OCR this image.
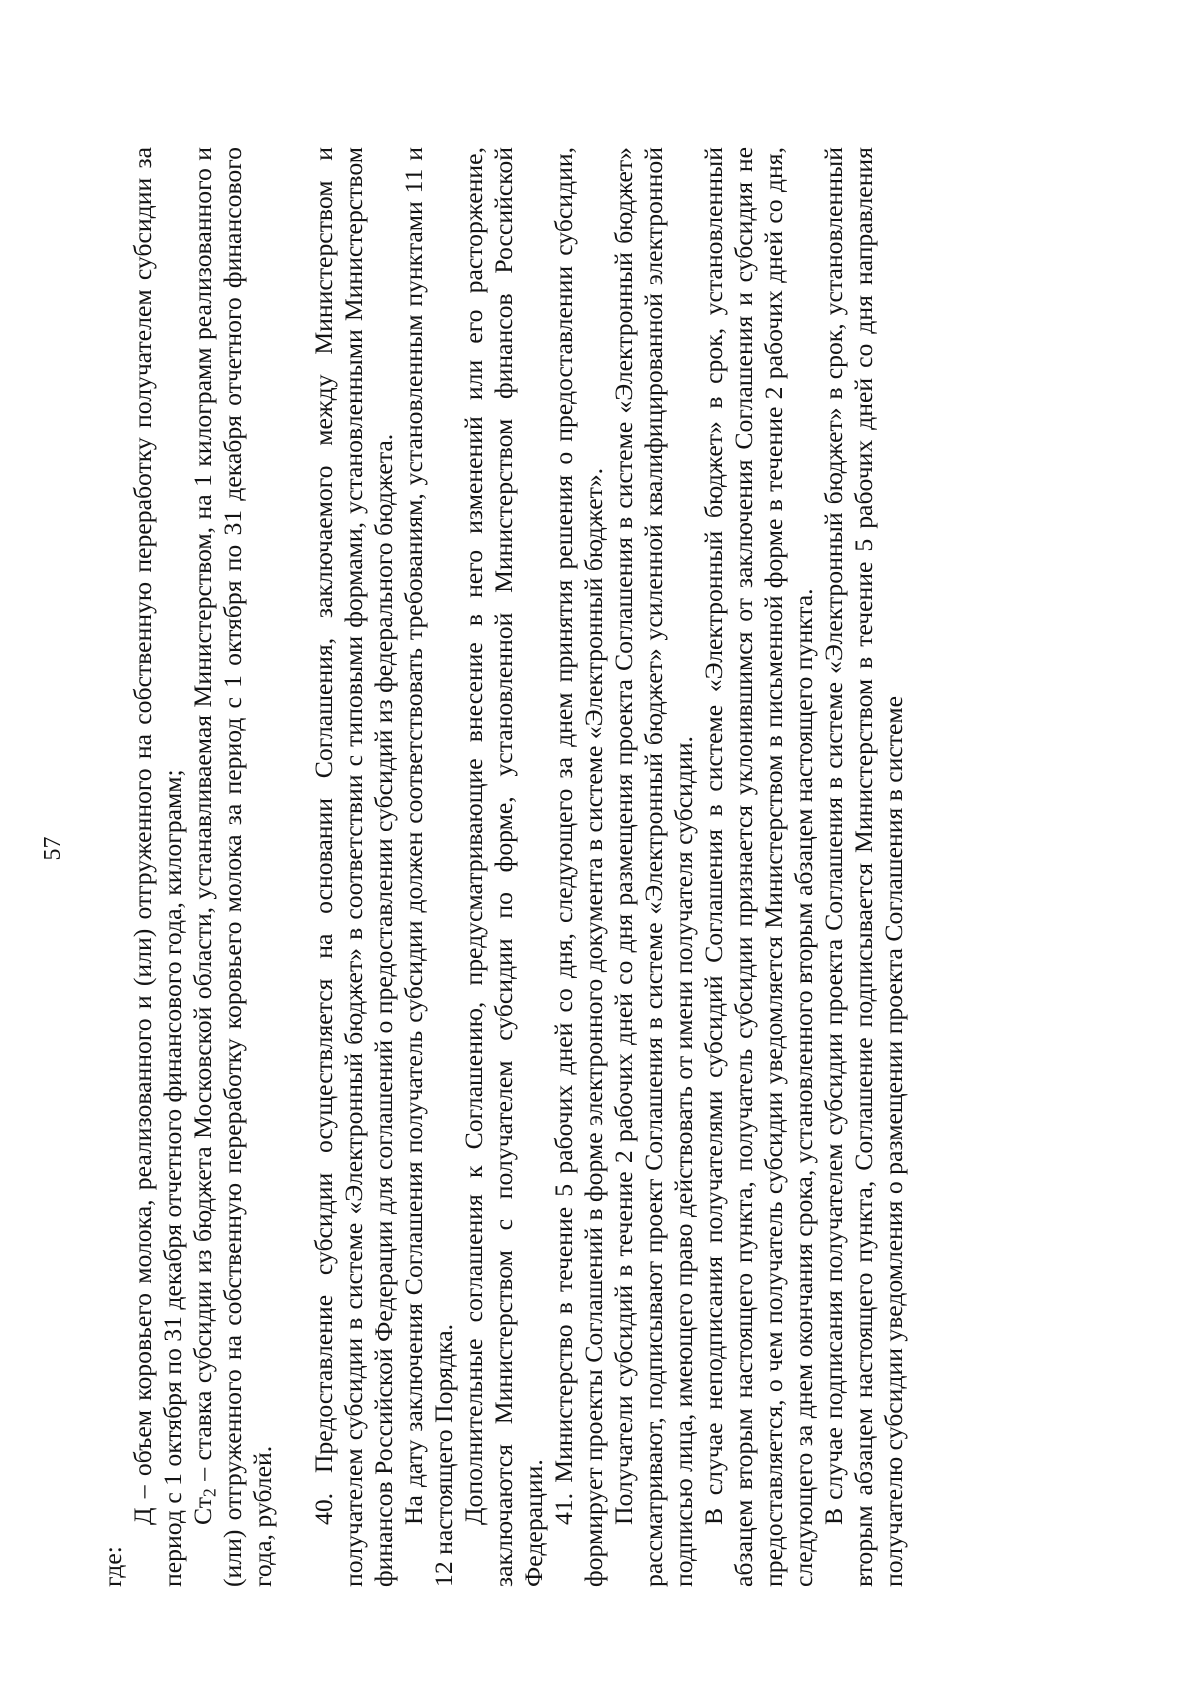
57

где:

Д – объем коровьего молока, реализованного и (или) отгруженного на собственную переработку получателем субсидии за период с 1 октября по 31 декабря отчетного финансового года, килограмм; $Ст_2$ – ставка субсидии из бюджета Московской области, устанавливаемая Министерством, на 1 килограмм реализованного и (или) отгруженного на собственную переработку коровьего молока за период с 1 октября по 31 декабря отчетного финансового года, рублей. 40. Предоставление субсидии осуществляется на основании Соглашения, заключаемого между Министерством и получателем субсидии в системе «Электронный бюджет» в соответствии с типовыми формами, установленными Министерством финансов Российской Федерации для соглашений о предоставлении субсидий из федерального бюджета. На дату заключения Соглашения получатель субсидии должен соответствовать требованиям, установленным пунктами 11 и 12 настоящего Порядка. Дополнительные соглашения к Соглашению, предусматривающие внесение в него изменений или его расторжение, заключаются Министерством с получателем субсидии по форме, установленной Министерством финансов Российской Федерации. 41. Министерство в течение 5 рабочих дней со дня, следующего за днем принятия решения о предоставлении субсидии, формирует проекты Соглашений в форме электронного документа в системе «Электронный бюджет». Получатели субсидий в течение 2 рабочих дней со дня размещения проекта Соглашения в системе «Электронный бюджет» рассматривают, подписывают проект Соглашения в системе «Электронный бюджет» усиленной квалифицированной электронной подписью лица, имеющего право действовать от имени получателя субсидии. В случае неподписания получателями субсидий Соглашения в системе «Электронный бюджет» в срок, установленный абзацем вторым настоящего пункта, получатель субсидии признается уклонившимся от заключения Соглашения и субсидия не предоставляется, о чем получатель субсидии уведомляется Министерством в письменной форме в течение 2 рабочих дней со дня, следующего за днем окончания срока, установленного вторым абзацем настоящего пункта. В случае подписания получателем субсидии проекта Соглашения в системе «Электронный бюджет» в срок, установленный вторым абзацем настоящего пункта, Соглашение подписывается Министерством в течение 5 рабочих дней со дня направления получателю субсидии уведомления о размещении проекта Соглашения в системе
